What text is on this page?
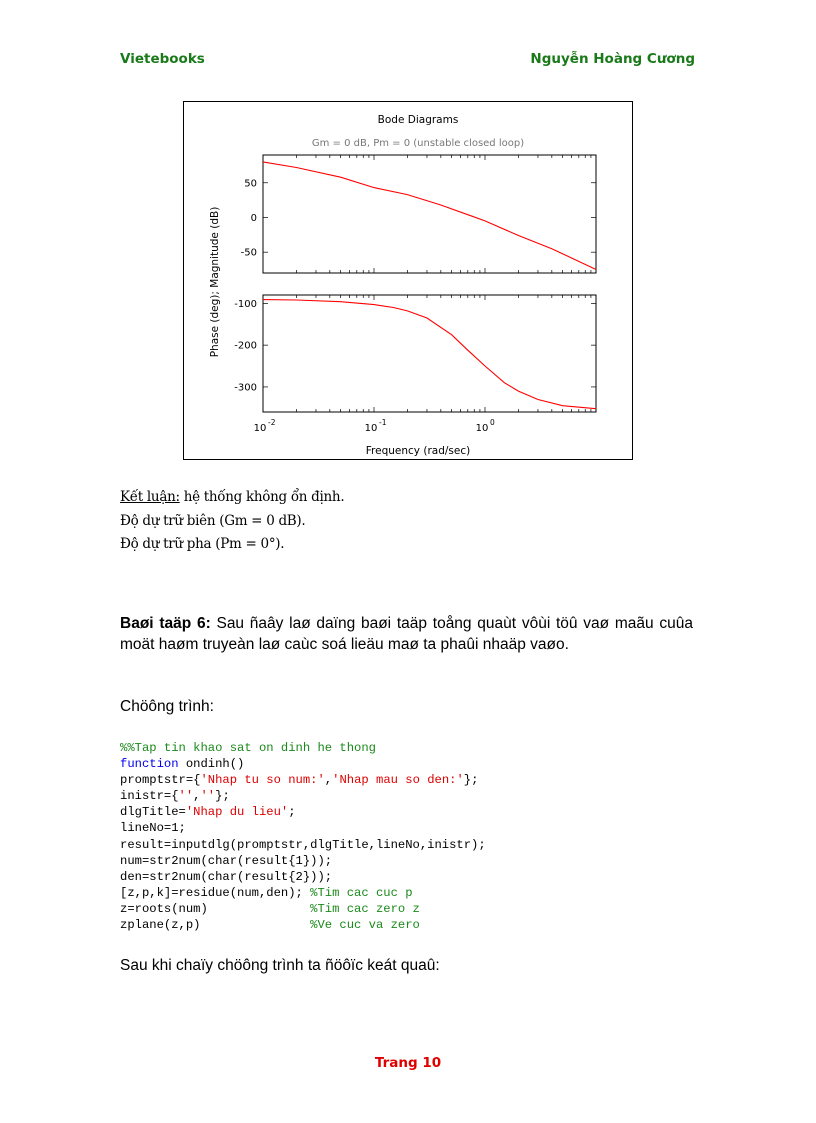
Vietebooks	Nguyễn Hoàng Cương
Bode Diagrams
Gm = 0 dB, Pm = 0 (unstable closed loop)
Frequency (rad/sec)
Phase (deg); Magnitude (dB)
50
0
-50
-100
-200
-300
10
-2
10
-1
10
0
Kết luận: hệ thống không ổn định.
Độ dự trữ biên (Gm = 0 dB).
Độ dự trữ pha (Pm = 0°).
Baøi taäp 6: Sau ñaây laø daïng baøi taäp toång quaùt vôùi töû vaø maãu cuûa moät haøm truyeàn laø caùc soá lieäu maø ta phaûi nhaäp vaøo.
Chöông trình:
%%Tap tin khao sat on dinh he thong
function ondinh()
promptstr={'Nhap tu so num:','Nhap mau so den:'};
inistr={'',''};
dlgTitle='Nhap du lieu';
lineNo=1;
result=inputdlg(promptstr,dlgTitle,lineNo,inistr);
num=str2num(char(result{1}));
den=str2num(char(result{2}));
[z,p,k]=residue(num,den); %Tim cac cuc p
z=roots(num)              %Tim cac zero z
zplane(z,p)               %Ve cuc va zero
Sau khi chaïy chöông trình ta ñöôïc keát quaû:
Trang 10
